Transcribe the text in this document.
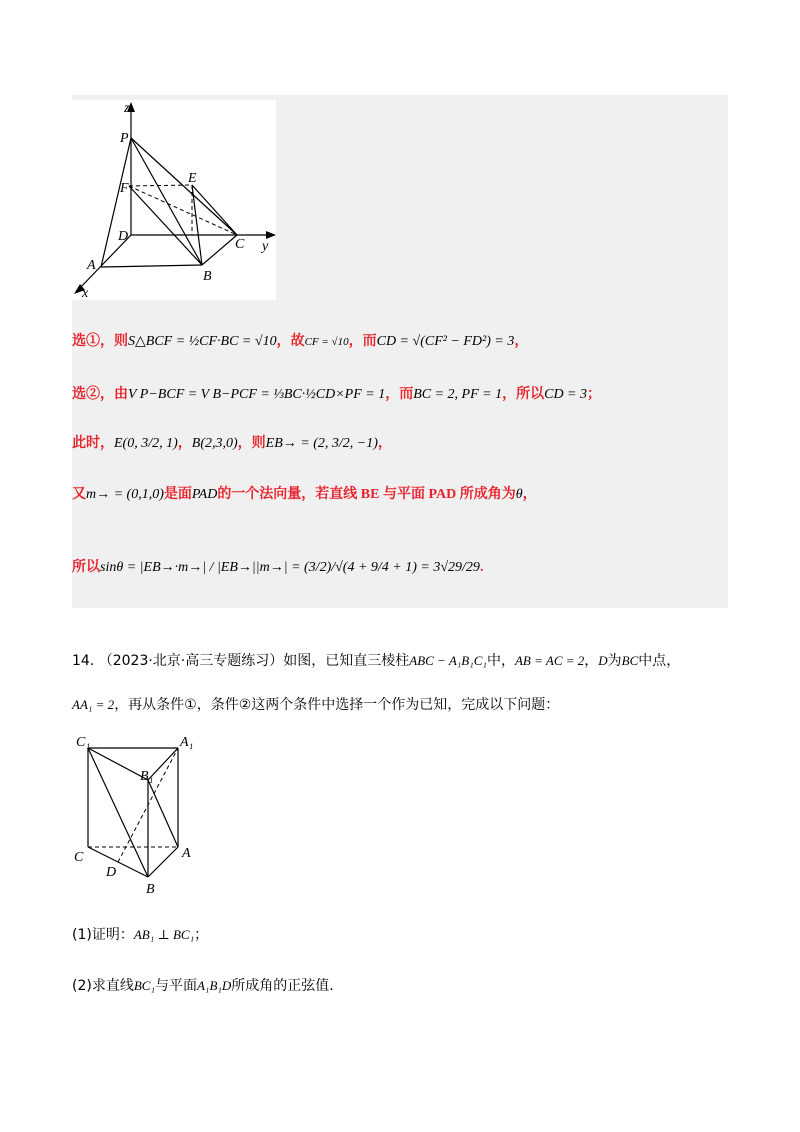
z
P
F
E
D
C y
A
B
x
选①，则S△BCF = ½CF·BC = √10，故CF = √10，而CD = √(CF² − FD²) = 3，
选②，由V P−BCF = V B−PCF = ⅓BC·½CD×PF = 1，而BC = 2, PF = 1，所以CD = 3；
此时，E(0, 3/2, 1)，B(2,3,0)，则EB→ = (2, 3/2, −1)，
又m→ = (0,1,0)是面PAD的一个法向量，若直线 BE 与平面 PAD 所成角为θ，
所以sinθ = |EB→·m→| / |EB→||m→| = (3/2)/√(4 + 9/4 + 1) = 3√29/29.
14. （2023·北京·高三专题练习）如图，已知直三棱柱ABC − A₁B₁C₁中，AB = AC = 2，D为BC中点，
AA₁ = 2，再从条件①，条件②这两个条件中选择一个作为已知，完成以下问题：
C₁	A₁
B₁
C	A
D
B
(1)证明：AB₁ ⊥ BC₁；
(2)求直线BC₁与平面A₁B₁D所成角的正弦值.
